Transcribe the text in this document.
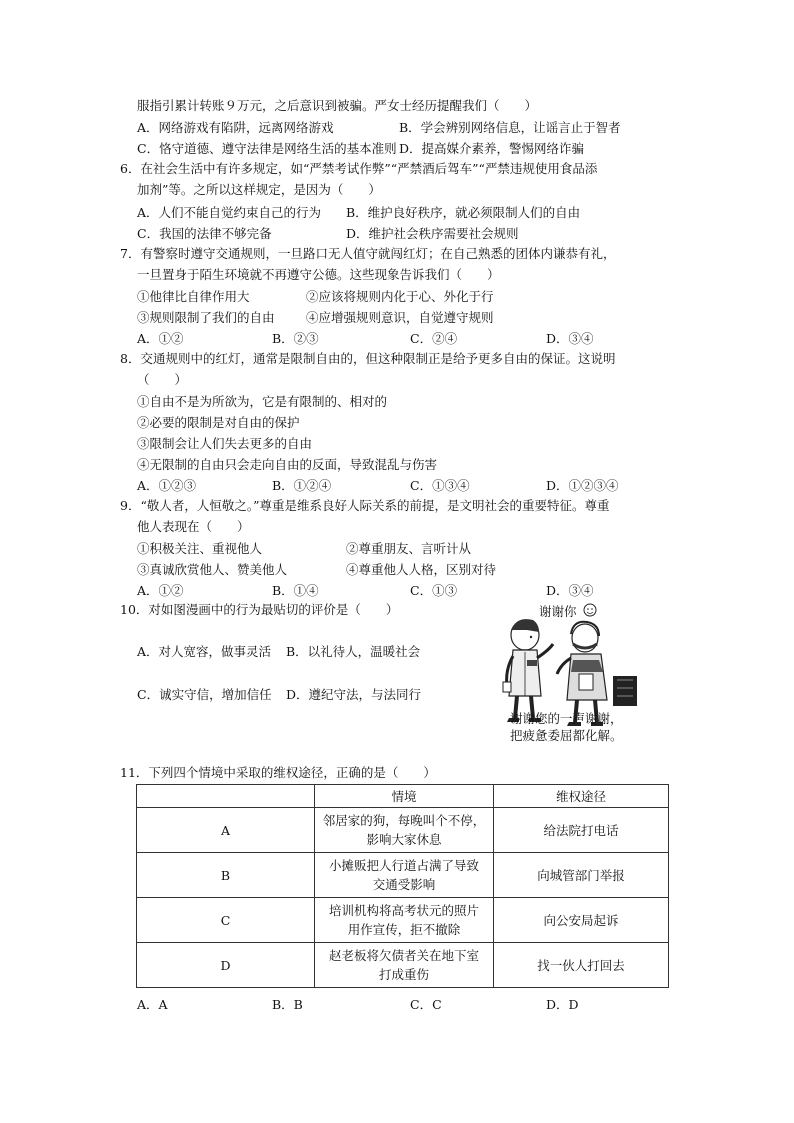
服指引累计转账９万元，之后意识到被骗。严女士经历提醒我们（　　）
A．网络游戏有陷阱，远离网络游戏	B．学会辨别网络信息，让谣言止于智者
C．恪守道德、遵守法律是网络生活的基本准则 D．提高媒介素养，警惕网络诈骗
6．在社会生活中有许多规定，如“严禁考试作弊”“严禁酒后驾车”“严禁违规使用食品添
加剂”等。之所以这样规定，是因为（　　）
A．人们不能自觉约束自己的行为 B．维护良好秩序，就必须限制人们的自由
C．我国的法律不够完备	D．维护社会秩序需要社会规则
7．有警察时遵守交通规则，一旦路口无人值守就闯红灯；在自己熟悉的团体内谦恭有礼，
一旦置身于陌生环境就不再遵守公德。这些现象告诉我们（　　）
①他律比自律作用大	②应该将规则内化于心、外化于行
③规则限制了我们的自由	④应增强规则意识，自觉遵守规则
A．①②	B．②③	C．②④	D．③④
8．交通规则中的红灯，通常是限制自由的，但这种限制正是给予更多自由的保证。这说明
（　　）
①自由不是为所欲为，它是有限制的、相对的
②必要的限制是对自由的保护
③限制会让人们失去更多的自由
④无限制的自由只会走向自由的反面，导致混乱与伤害
A．①②③	B．①②④	C．①③④	D．①②③④
9．“敬人者，人恒敬之。”尊重是维系良好人际关系的前提，是文明社会的重要特征。尊重
他人表现在（　　）
①积极关注、重视他人	②尊重朋友、言听计从
③真诚欣赏他人、赞美他人	④尊重他人人格，区别对待
A．①②	B．①④	C．①③	D．③④
10．对如图漫画中的行为最贴切的评价是（　　）
A．对人宽容，做事灵活 B．以礼待人，温暖社会
C．诚实守信，增加信任 D．遵纪守法，与法同行
谢谢你
谢谢您的一声谢谢，
把疲惫委屈都化解。
11．下列四个情境中采取的维权途径，正确的是（　　）
	情境	维权途径
A	邻居家的狗，每晚叫个不停，
影响大家休息	给法院打电话
B	小摊贩把人行道占满了导致
交通受影响	向城管部门举报
C	培训机构将高考状元的照片
用作宣传，拒不撤除	向公安局起诉
D	赵老板将欠债者关在地下室
打成重伤	找一伙人打回去
A．A	B．B	C．C	D．D
